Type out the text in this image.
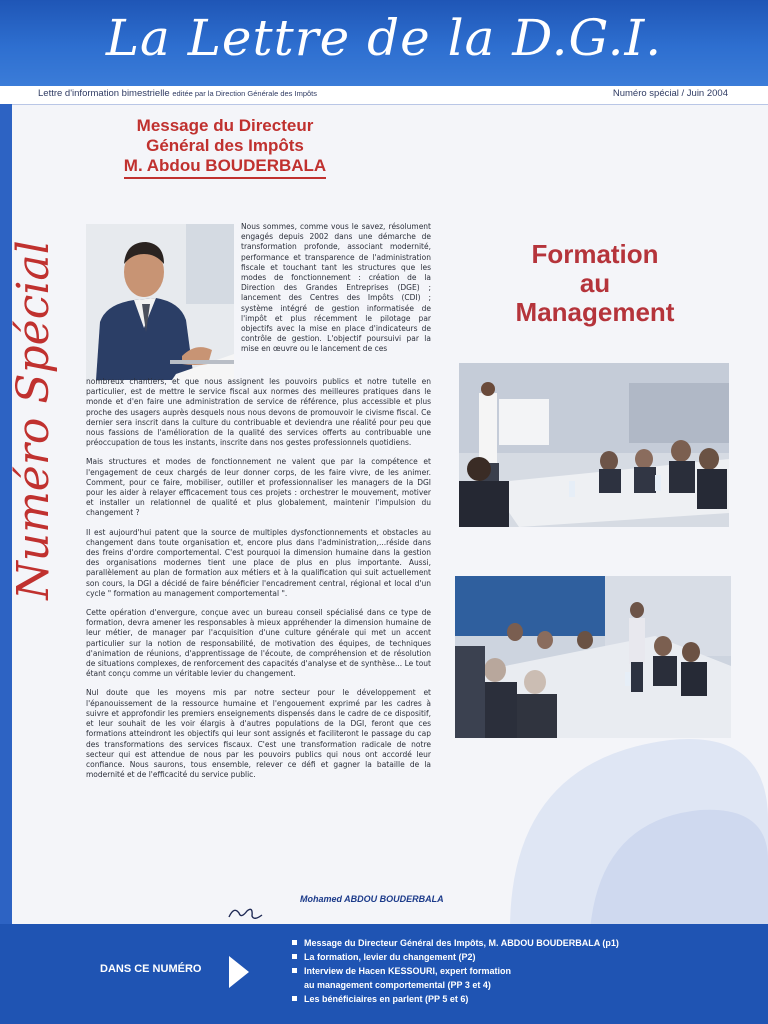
La Lettre de la D.G.I.
Lettre d'information bimestrielle editée par la Direction Générale des Impôts	Numéro spécial / Juin 2004
Numéro Spécial
Message du Directeur
Général des Impôts
M. Abdou BOUDERBALA
Nous sommes, comme vous le savez, résolument engagés depuis 2002 dans une démarche de transformation profonde, associant modernité, performance et transparence de l'administration fiscale et touchant tant les structures que les modes de fonctionnement : création de la Direction des Grandes Entreprises (DGE) ; lancement des Centres des Impôts (CDI) ; système intégré de gestion informatisée de l'impôt et plus récemment le pilotage par objectifs avec la mise en place d'indicateurs de contrôle de gestion. L'objectif poursuivi par la mise en œuvre ou le lancement de ces

nombreux chantiers, et que nous assignent les pouvoirs publics et notre tutelle en particulier, est de mettre le service fiscal aux normes des meilleures pratiques dans le monde et d'en faire une administration de service de référence, plus accessible et plus proche des usagers auprès desquels nous nous devons de promouvoir le civisme fiscal. Ce dernier sera inscrit dans la culture du contribuable et deviendra une réalité pour peu que nous fassions de l'amélioration de la qualité des services offerts au contribuable une préoccupation de tous les instants, inscrite dans nos gestes professionnels quotidiens.

Mais structures et modes de fonctionnement ne valent que par la compétence et l'engagement de ceux chargés de leur donner corps, de les faire vivre, de les animer. Comment, pour ce faire, mobiliser, outiller et professionnaliser les managers de la DGI pour les aider à relayer efficacement tous ces projets : orchestrer le mouvement, motiver et installer un relationnel de qualité et plus globalement, maintenir l'impulsion du changement ?

Il est aujourd'hui patent que la source de multiples dysfonctionnements et obstacles au changement dans toute organisation et, encore plus dans l'administration,...réside dans des freins d'ordre comportemental. C'est pourquoi la dimension humaine dans la gestion des organisations modernes tient une place de plus en plus importante. Aussi, parallèlement au plan de formation aux métiers et à la qualification qui suit actuellement son cours, la DGI a décidé de faire bénéficier l'encadrement central, régional et local d'un cycle " formation au management comportemental ".

Cette opération d'envergure, conçue avec un bureau conseil spécialisé dans ce type de formation, devra amener les responsables à mieux appréhender la dimension humaine de leur métier, de manager par l'acquisition d'une culture générale qui met un accent particulier sur la notion de responsabilité, de motivation des équipes, de techniques d'animation de réunions, d'apprentissage de l'écoute, de compréhension et de résolution de situations complexes, de renforcement des capacités d'analyse et de synthèse... Le tout étant conçu comme un véritable levier du changement.

Nul doute que les moyens mis par notre secteur pour le développement et l'épanouissement de la ressource humaine et l'engouement exprimé par les cadres à suivre et approfondir les premiers enseignements dispensés dans le cadre de ce dispositif, et leur souhait de les voir élargis à d'autres populations de la DGI, feront que ces formations atteindront les objectifs qui leur sont assignés et faciliteront le passage du cap des transformations des services fiscaux. C'est une transformation radicale de notre secteur qui est attendue de nous par les pouvoirs publics qui nous ont accordé leur confiance. Nous saurons, tous ensemble, relever ce défi et gagner la bataille de la modernité et de l'efficacité du service public.

Mohamed ABDOU BOUDERBALA
Formation
au
Management
DANS CE NUMÉRO
Message du Directeur Général des Impôts, M. ABDOU BOUDERBALA (p1)
La formation, levier du changement (P2)
Interview de Hacen KESSOURI, expert formation
au management comportemental (PP 3 et 4)
Les bénéficiaires en parlent (PP 5 et 6)
